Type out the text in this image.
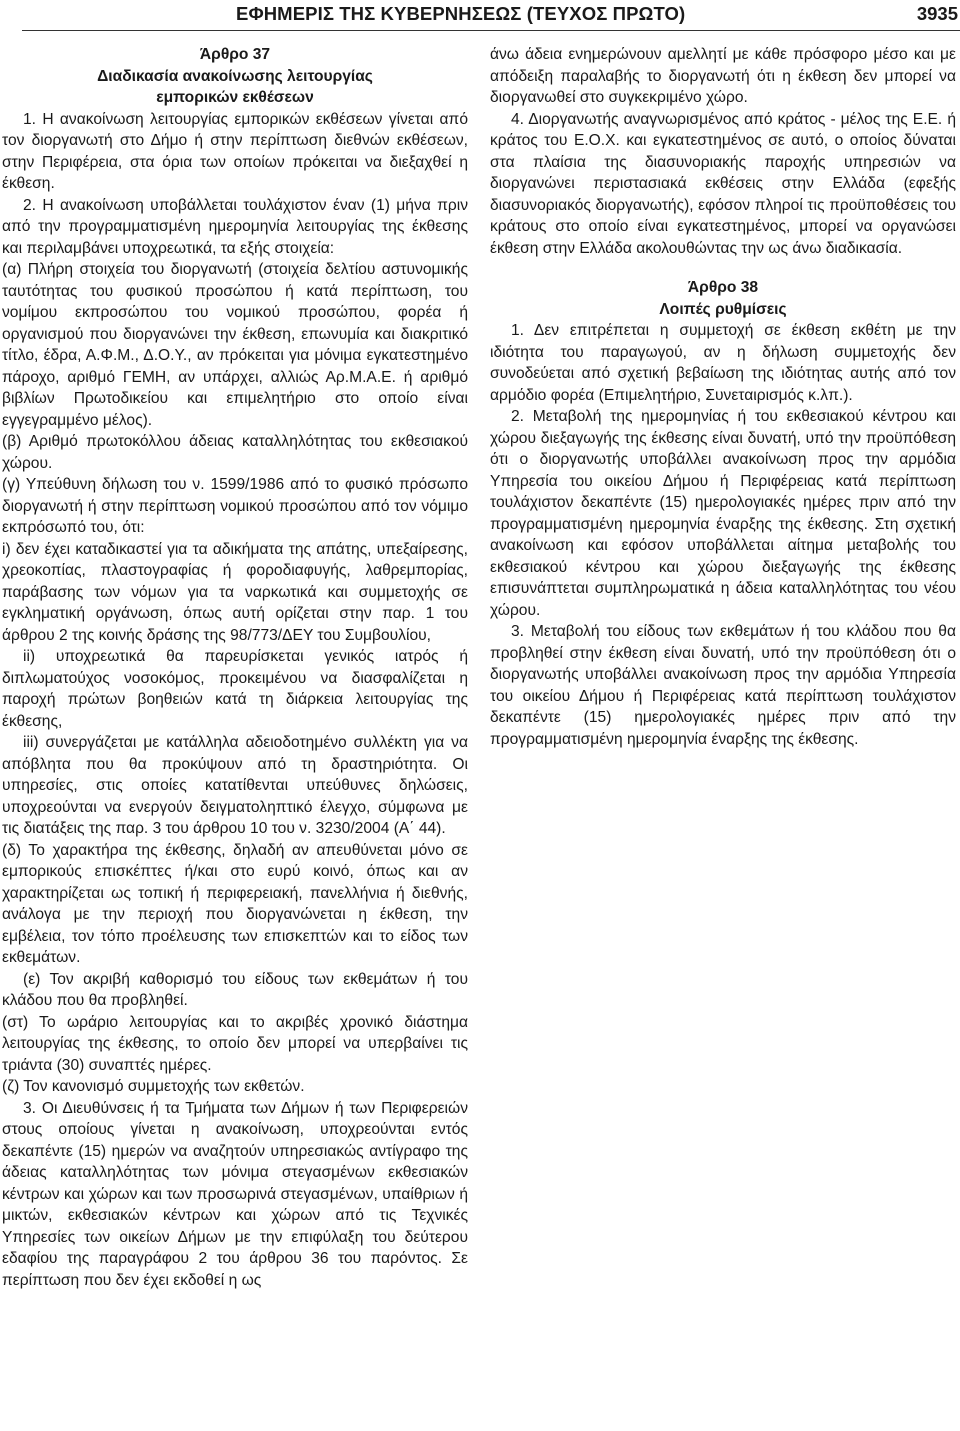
ΕΦΗΜΕΡΙΣ ΤΗΣ ΚΥΒΕΡΝΗΣΕΩΣ (ΤΕΥΧΟΣ ΠΡΩΤΟ)	3935

Άρθρο 37

Διαδικασία ανακοίνωσης λειτουργίας

εμπορικών εκθέσεων

1. Η ανακοίνωση λειτουργίας εμπορικών εκθέσεων γίνεται από τον διοργανωτή στο Δήμο ή στην περίπτωση διεθνών εκθέσεων, στην Περιφέρεια, στα όρια των οποίων πρόκειται να διεξαχθεί η έκθεση.

2. Η ανακοίνωση υποβάλλεται τουλάχιστον έναν (1) μήνα πριν από την προγραμματισμένη ημερομηνία λειτουργίας της έκθεσης και περιλαμβάνει υποχρεωτικά, τα εξής στοιχεία:

(α) Πλήρη στοιχεία του διοργανωτή (στοιχεία δελτίου αστυνομικής ταυτότητας του φυσικού προσώπου ή κατά περίπτωση, του νομίμου εκπροσώπου του νομικού προσώπου, φορέα ή οργανισμού που διοργανώνει την έκθεση, επωνυμία και διακριτικό τίτλο, έδρα, Α.Φ.Μ., Δ.Ο.Υ., αν πρόκειται για μόνιμα εγκατεστημένο πάροχο, αριθμό ΓΕΜΗ, αν υπάρχει, αλλιώς Αρ.Μ.Α.Ε. ή αριθμό βιβλίων Πρωτοδικείου και επιμελητήριο στο οποίο είναι εγγεγραμμένο μέλος).

(β) Αριθμό πρωτοκόλλου άδειας καταλληλότητας του εκθεσιακού χώρου.

(γ) Υπεύθυνη δήλωση του ν. 1599/1986 από το φυσικό πρόσωπο διοργανωτή ή στην περίπτωση νομικού προσώπου από τον νόμιμο εκπρόσωπό του, ότι:

i) δεν έχει καταδικαστεί για τα αδικήματα της απάτης, υπεξαίρεσης, χρεοκοπίας, πλαστογραφίας ή φοροδιαφυγής, λαθρεμπορίας, παράβασης των νόμων για τα ναρκωτικά και συμμετοχής σε εγκληματική οργάνωση, όπως αυτή ορίζεται στην παρ. 1 του άρθρου 2 της κοινής δράσης της 98/773/ΔΕΥ του Συμβουλίου,

ii) υποχρεωτικά θα παρευρίσκεται γενικός ιατρός ή διπλωματούχος νοσοκόμος, προκειμένου να διασφαλίζεται η παροχή πρώτων βοηθειών κατά τη διάρκεια λειτουργίας της έκθεσης,

iii) συνεργάζεται με κατάλληλα αδειοδοτημένο συλλέκτη για να απόβλητα που θα προκύψουν από τη δραστηριότητα. Οι υπηρεσίες, στις οποίες κατατίθενται υπεύθυνες δηλώσεις, υποχρεούνται να ενεργούν δειγματοληπτικό έλεγχο, σύμφωνα με τις διατάξεις της παρ. 3 του άρθρου 10 του ν. 3230/2004 (Α΄ 44).

(δ) Το χαρακτήρα της έκθεσης, δηλαδή αν απευθύνεται μόνο σε εμπορικούς επισκέπτες ή/και στο ευρύ κοινό, όπως και αν χαρακτηρίζεται ως τοπική ή περιφερειακή, πανελλήνια ή διεθνής, ανάλογα με την περιοχή που διοργανώνεται η έκθεση, την εμβέλεια, τον τόπο προέλευσης των επισκεπτών και το είδος των εκθεμάτων.

(ε) Τον ακριβή καθορισμό του είδους των εκθεμάτων ή του κλάδου που θα προβληθεί.

(στ) Το ωράριο λειτουργίας και το ακριβές χρονικό διάστημα λειτουργίας της έκθεσης, το οποίο δεν μπορεί να υπερβαίνει τις τριάντα (30) συναπτές ημέρες.

(ζ) Τον κανονισμό συμμετοχής των εκθετών.

3. Οι Διευθύνσεις ή τα Τμήματα των Δήμων ή των Περιφερειών στους οποίους γίνεται η ανακοίνωση, υποχρεούνται εντός δεκαπέντε (15) ημερών να αναζητούν υπηρεσιακώς αντίγραφο της άδειας καταλληλότητας των μόνιμα στεγασμένων εκθεσιακών κέντρων και χώρων και των προσωρινά στεγασμένων, υπαίθριων ή μικτών, εκθεσιακών κέντρων και χώρων από τις Τεχνικές Υπηρεσίες των οικείων Δήμων με την επιφύλαξη του δεύτερου εδαφίου της παραγράφου 2 του άρθρου 36 του παρόντος. Σε περίπτωση που δεν έχει εκδοθεί η ως

άνω άδεια ενημερώνουν αμελλητί με κάθε πρόσφορο μέσο και με απόδειξη παραλαβής το διοργανωτή ότι η έκθεση δεν μπορεί να διοργανωθεί στο συγκεκριμένο χώρο.

4. Διοργανωτής αναγνωρισμένος από κράτος - μέλος της Ε.Ε. ή κράτος του Ε.Ο.Χ. και εγκατεστημένος σε αυτό, ο οποίος δύναται στα πλαίσια της διασυνοριακής παροχής υπηρεσιών να διοργανώνει περιστασιακά εκθέσεις στην Ελλάδα (εφεξής διασυνοριακός διοργανωτής), εφόσον πληροί τις προϋποθέσεις του κράτους στο οποίο είναι εγκατεστημένος, μπορεί να οργανώσει έκθεση στην Ελλάδα ακολουθώντας την ως άνω διαδικασία.

Άρθρο 38

Λοιπές ρυθμίσεις

1. Δεν επιτρέπεται η συμμετοχή σε έκθεση εκθέτη με την ιδιότητα του παραγωγού, αν η δήλωση συμμετοχής δεν συνοδεύεται από σχετική βεβαίωση της ιδιότητας αυτής από τον αρμόδιο φορέα (Επιμελητήριο, Συνεταιρισμός κ.λπ.).

2. Μεταβολή της ημερομηνίας ή του εκθεσιακού κέντρου και χώρου διεξαγωγής της έκθεσης είναι δυνατή, υπό την προϋπόθεση ότι ο διοργανωτής υποβάλλει ανακοίνωση προς την αρμόδια Υπηρεσία του οικείου Δήμου ή Περιφέρειας κατά περίπτωση τουλάχιστον δεκαπέντε (15) ημερολογιακές ημέρες πριν από την προγραμματισμένη ημερομηνία έναρξης της έκθεσης. Στη σχετική ανακοίνωση και εφόσον υποβάλλεται αίτημα μεταβολής του εκθεσιακού κέντρου και χώρου διεξαγωγής της έκθεσης επισυνάπτεται συμπληρωματικά η άδεια καταλληλότητας του νέου χώρου.

3. Μεταβολή του είδους των εκθεμάτων ή του κλάδου που θα προβληθεί στην έκθεση είναι δυνατή, υπό την προϋπόθεση ότι ο διοργανωτής υποβάλλει ανακοίνωση προς την αρμόδια Υπηρεσία του οικείου Δήμου ή Περιφέρειας κατά περίπτωση τουλάχιστον δεκαπέντε (15) ημερολογιακές ημέρες πριν από την προγραμματισμένη ημερομηνία έναρξης της έκθεσης.
